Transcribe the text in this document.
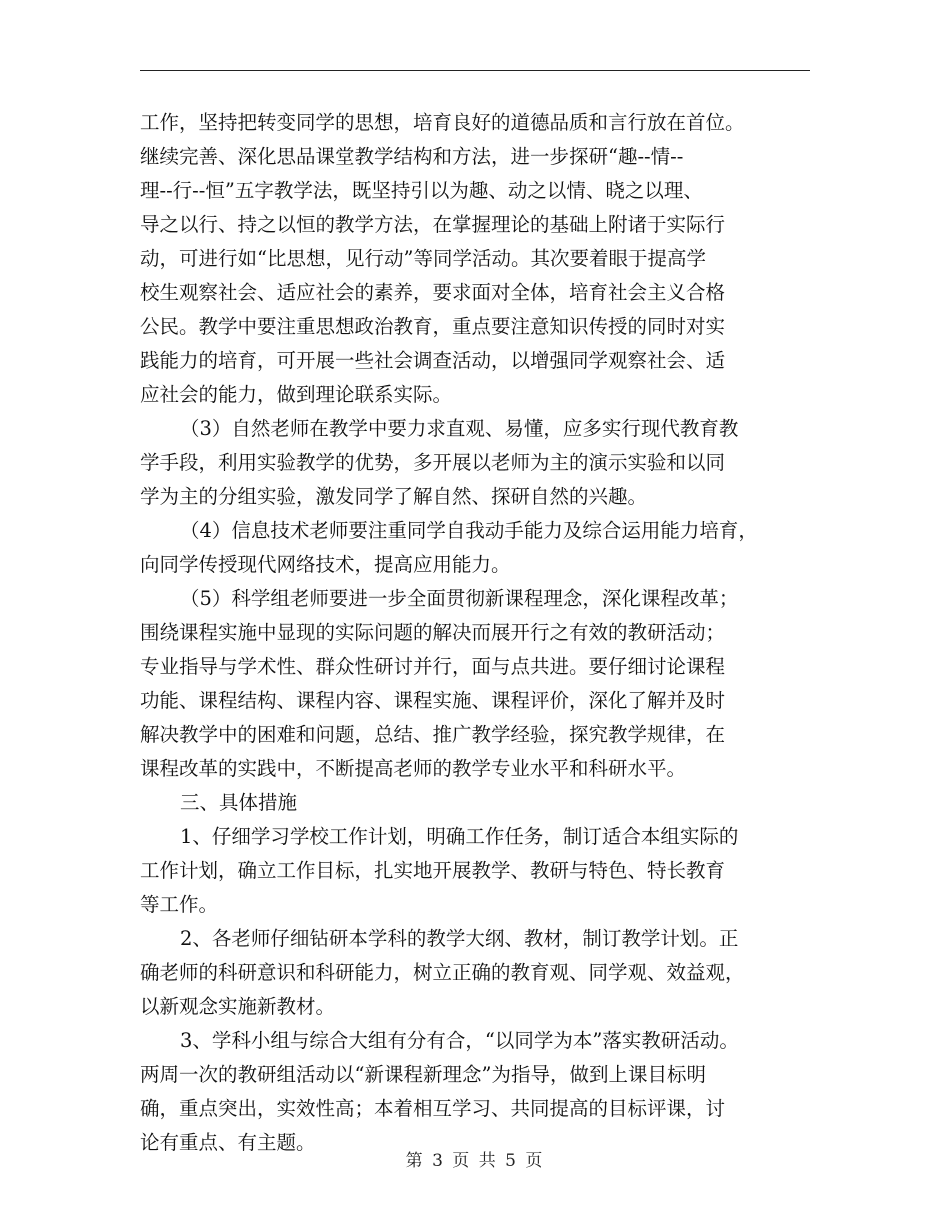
工作，坚持把转变同学的思想，培育良好的道德品质和言行放在首位。
继续完善、深化思品课堂教学结构和方法，进一步探研“趣--情--
理--行--恒”五字教学法，既坚持引以为趣、动之以情、晓之以理、
导之以行、持之以恒的教学方法，在掌握理论的基础上附诸于实际行
动，可进行如“比思想，见行动”等同学活动。其次要着眼于提高学
校生观察社会、适应社会的素养，要求面对全体，培育社会主义合格
公民。教学中要注重思想政治教育，重点要注意知识传授的同时对实
践能力的培育，可开展一些社会调查活动，以增强同学观察社会、适
应社会的能力，做到理论联系实际。
（3）自然老师在教学中要力求直观、易懂，应多实行现代教育教
学手段，利用实验教学的优势，多开展以老师为主的演示实验和以同
学为主的分组实验，激发同学了解自然、探研自然的兴趣。
（4）信息技术老师要注重同学自我动手能力及综合运用能力培育，
向同学传授现代网络技术，提高应用能力。
（5）科学组老师要进一步全面贯彻新课程理念，深化课程改革；
围绕课程实施中显现的实际问题的解决而展开行之有效的教研活动；
专业指导与学术性、群众性研讨并行，面与点共进。要仔细讨论课程
功能、课程结构、课程内容、课程实施、课程评价，深化了解并及时
解决教学中的困难和问题，总结、推广教学经验，探究教学规律，在
课程改革的实践中，不断提高老师的教学专业水平和科研水平。
三、具体措施
1、仔细学习学校工作计划，明确工作任务，制订适合本组实际的
工作计划，确立工作目标，扎实地开展教学、教研与特色、特长教育
等工作。
2、各老师仔细钻研本学科的教学大纲、教材，制订教学计划。正
确老师的科研意识和科研能力，树立正确的教育观、同学观、效益观，
以新观念实施新教材。
3、学科小组与综合大组有分有合，“以同学为本”落实教研活动。
两周一次的教研组活动以“新课程新理念”为指导，做到上课目标明
确，重点突出，实效性高；本着相互学习、共同提高的目标评课，讨
论有重点、有主题。
第 3 页 共 5 页
